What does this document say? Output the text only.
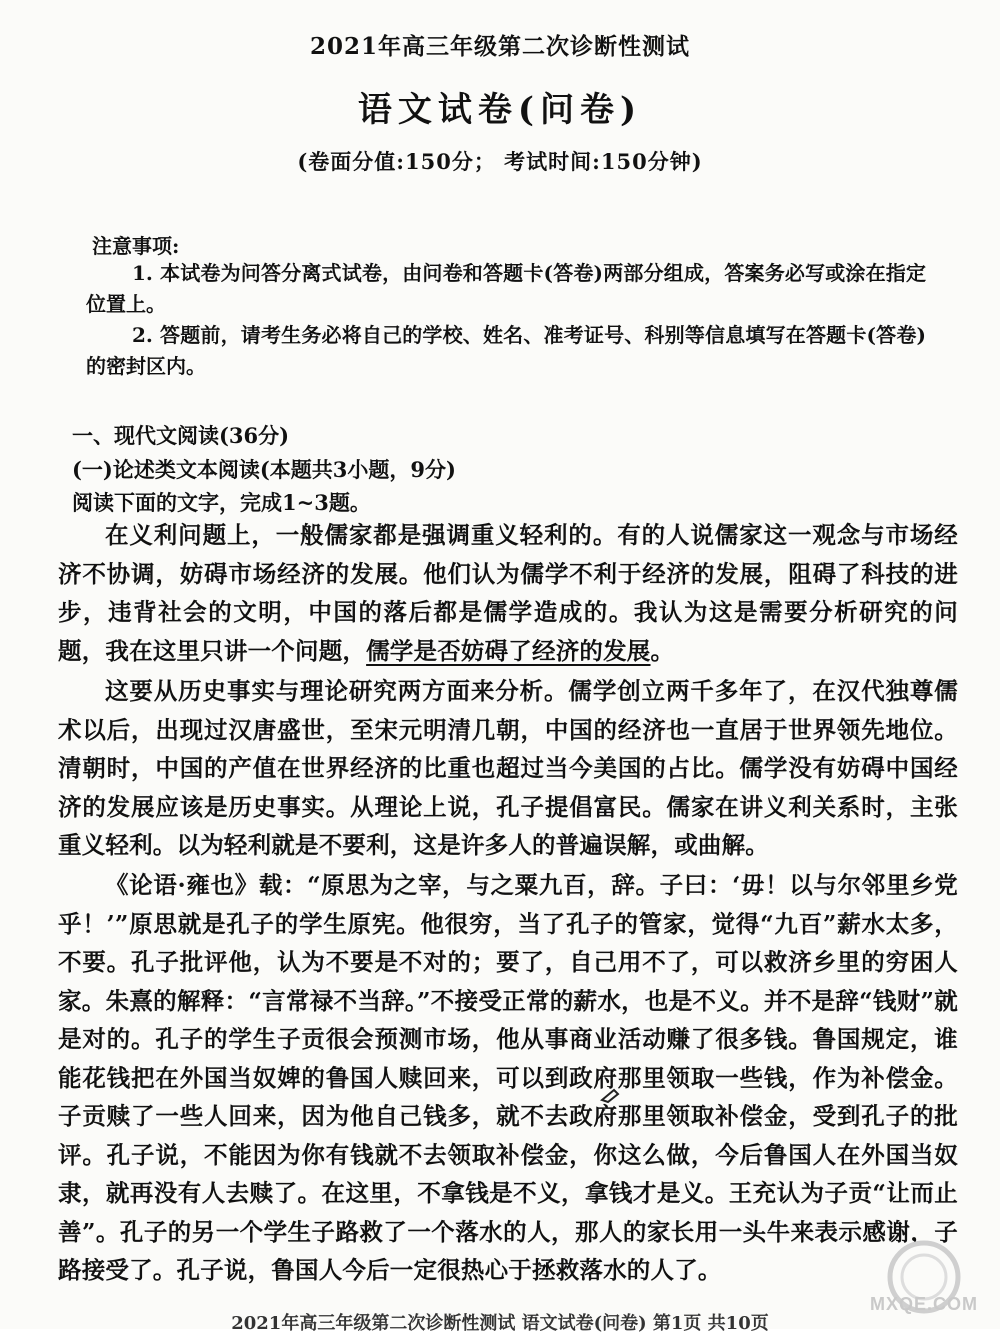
2021年高三年级第二次诊断性测试
语文试卷(问卷)
(卷面分值:150分； 考试时间:150分钟)
注意事项:
1. 本试卷为问答分离式试卷，由问卷和答题卡(答卷)两部分组成，答案务必写或涂在指定位置上。
2. 答题前，请考生务必将自己的学校、姓名、准考证号、科别等信息填写在答题卡(答卷)的密封区内。
一、现代文阅读(36分)
(一)论述类文本阅读(本题共3小题，9分)
阅读下面的文字，完成1~3题。
在义利问题上，一般儒家都是强调重义轻利的。有的人说儒家这一观念与市场经济不协调，妨碍市场经济的发展。他们认为儒学不利于经济的发展，阻碍了科技的进步，违背社会的文明，中国的落后都是儒学造成的。我认为这是需要分析研究的问题，我在这里只讲一个问题，儒学是否妨碍了经济的发展。
这要从历史事实与理论研究两方面来分析。儒学创立两千多年了，在汉代独尊儒术以后，出现过汉唐盛世，至宋元明清几朝，中国的经济也一直居于世界领先地位。清朝时，中国的产值在世界经济的比重也超过当今美国的占比。儒学没有妨碍中国经济的发展应该是历史事实。从理论上说，孔子提倡富民。儒家在讲义利关系时，主张重义轻利。以为轻利就是不要利，这是许多人的普遍误解，或曲解。
《论语·雍也》载：“原思为之宰，与之粟九百，辞。子曰：‘毋！以与尔邻里乡党乎！’”原思就是孔子的学生原宪。他很穷，当了孔子的管家，觉得“九百”薪水太多，不要。孔子批评他，认为不要是不对的；要了，自己用不了，可以救济乡里的穷困人家。朱熹的解释：“言常禄不当辞。”不接受正常的薪水，也是不义。并不是辞“钱财”就是对的。孔子的学生子贡很会预测市场，他从事商业活动赚了很多钱。鲁国规定，谁能花钱把在外国当奴婢的鲁国人赎回来，可以到政府那里领取一些钱，作为补偿金。子贡赎了一些人回来，因为他自己钱多，就不去政府那里领取补偿金，受到孔子的批评。孔子说，不能因为你有钱就不去领取补偿金，你这么做，今后鲁国人在外国当奴隶，就再没有人去赎了。在这里，不拿钱是不义，拿钱才是义。王充认为子贡“让而止善”。孔子的另一个学生子路救了一个落水的人，那人的家长用一头牛来表示感谢，子路接受了。孔子说，鲁国人今后一定很热心于拯救落水的人了。
2021年高三年级第二次诊断性测试 语文试卷(问卷) 第1页 共10页
MXQE.COM
